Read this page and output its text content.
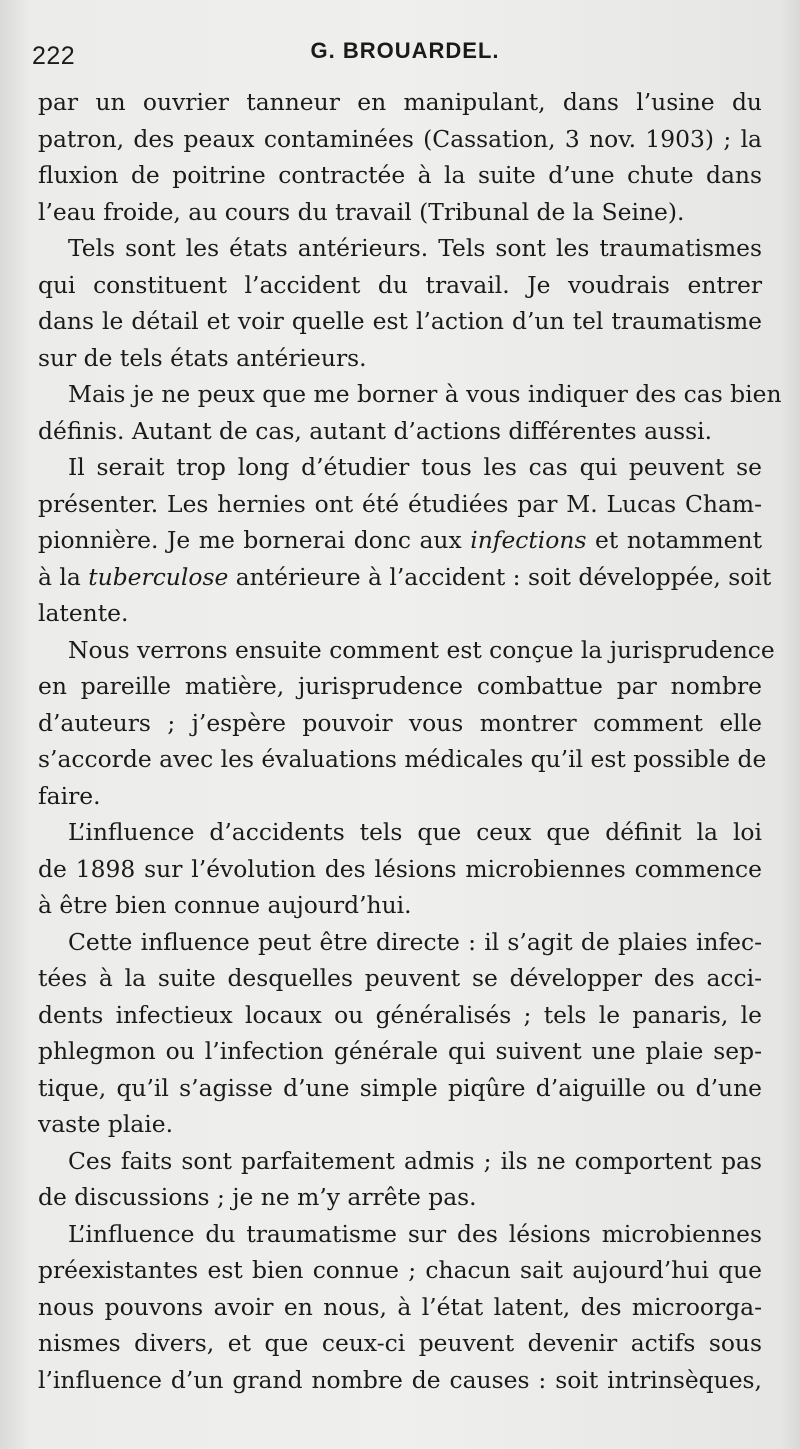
222	G. BROUARDEL.
par un ouvrier tanneur en manipulant, dans l’usine du
patron, des peaux contaminées (Cassation, 3 nov. 1903) ; la
fluxion de poitrine contractée à la suite d’une chute dans
l’eau froide, au cours du travail (Tribunal de la Seine).
Tels sont les états antérieurs. Tels sont les traumatismes
qui constituent l’accident du travail. Je voudrais entrer
dans le détail et voir quelle est l’action d’un tel traumatisme
sur de tels états antérieurs.
Mais je ne peux que me borner à vous indiquer des cas bien
définis. Autant de cas, autant d’actions différentes aussi.
Il serait trop long d’étudier tous les cas qui peuvent se
présenter. Les hernies ont été étudiées par M. Lucas Cham-
pionnière. Je me bornerai donc aux infections et notamment
à la tuberculose antérieure à l’accident : soit développée, soit
latente.
Nous verrons ensuite comment est conçue la jurisprudence
en pareille matière, jurisprudence combattue par nombre
d’auteurs ; j’espère pouvoir vous montrer comment elle
s’accorde avec les évaluations médicales qu’il est possible de
faire.
L’influence d’accidents tels que ceux que définit la loi
de 1898 sur l’évolution des lésions microbiennes commence
à être bien connue aujourd’hui.
Cette influence peut être directe : il s’agit de plaies infec-
tées à la suite desquelles peuvent se développer des acci-
dents infectieux locaux ou généralisés ; tels le panaris, le
phlegmon ou l’infection générale qui suivent une plaie sep-
tique, qu’il s’agisse d’une simple piqûre d’aiguille ou d’une
vaste plaie.
Ces faits sont parfaitement admis ; ils ne comportent pas
de discussions ; je ne m’y arrête pas.
L’influence du traumatisme sur des lésions microbiennes
préexistantes est bien connue ; chacun sait aujourd’hui que
nous pouvons avoir en nous, à l’état latent, des microorga-
nismes divers, et que ceux-ci peuvent devenir actifs sous
l’influence d’un grand nombre de causes : soit intrinsèques,
